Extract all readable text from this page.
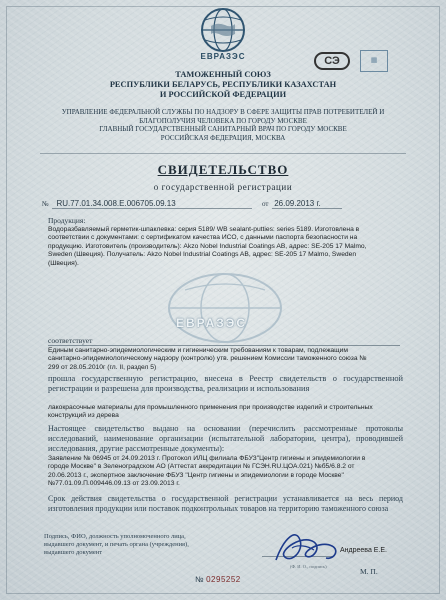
ЕВРАЗЭС	СЭ	▦
ТАМОЖЕННЫЙ СОЮЗ
РЕСПУБЛИКИ БЕЛАРУСЬ, РЕСПУБЛИКИ КАЗАХСТАН
И РОССИЙСКОЙ ФЕДЕРАЦИИ
УПРАВЛЕНИЕ ФЕДЕРАЛЬНОЙ СЛУЖБЫ ПО НАДЗОРУ В СФЕРЕ ЗАЩИТЫ ПРАВ ПОТРЕБИТЕЛЕЙ И
БЛАГОПОЛУЧИЯ ЧЕЛОВЕКА ПО ГОРОДУ МОСКВЕ
ГЛАВНЫЙ ГОСУДАРСТВЕННЫЙ САНИТАРНЫЙ ВРАЧ ПО ГОРОДУ МОСКВЕ
РОССИЙСКАЯ ФЕДЕРАЦИЯ, МОСКВА

СВИДЕТЕЛЬСТВО
о государственной регистрации
№ RU.77.01.34.008.Е.006705.09.13	от 26.09.2013 г.
Продукция:
Водоразбавляемый герметик-шпаклевка: серия 5189/ WB sealant-putties: series 5189. Изготовлена в
соответствии с документами: с сертификатом качества ИСО, с данными паспорта безопасности на
продукцию. Изготовитель (производитель): Akzo Nobel Industrial Coatings AB, адрес: SE-205 17 Malmo,
Sweden (Швеция). Получатель: Akzo Nobel Industrial Coatings AB, адрес: SE-205 17 Malmo, Sweden
(Швеция).
ЕВРАЗЭС
соответствует
Единым санитарно-эпидемиологическим и гигиеническим требованиям к товарам, подлежащим
санитарно-эпидемиологическому надзору (контролю) утв. решением Комиссии таможенного союза №
299 от 28.05.2010г (гл. II, раздел 5)
прошла государственную регистрацию, внесена в Реестр свидетельств о государственной регистрации и разрешена для производства, реализации и использования
лакокрасочные материалы для промышленного применения при производстве изделий и строительных
конструкций из дерева
Настоящее свидетельство выдано на основании (перечислить рассмотренные протоколы исследований, наименование организации (испытательной лаборатории, центра), проводившей исследования, другие рассмотренные документы):
Заявление № 06945 от 24.09.2013 г. Протокол ИЛЦ филиала ФБУЗ"Центр гигиены и эпидемиологии в
городе Москве" в Зеленоградском АО (Аттестат аккредитации № ГСЭН.RU.ЦОА.021) №б5/6.8.2 от
20.06.2013 г., экспертное заключение ФБУЗ "Центр гигиены и эпидемиологии в городе Москве"
№77.01.09.П.009446.09.13 от 23.09.2013 г.
Срок действия свидетельства о государственной регистрации устанавливается на весь период изготовления продукции или поставок подконтрольных товаров на территорию таможенного союза
Подпись, ФИО, должность уполномоченного лица,
выдавшего документ, и печать органа (учреждения),
выдавшего документ	Андреева Е.Е.
(Ф. И. О., подпись)
М. П.
№ 0295252
